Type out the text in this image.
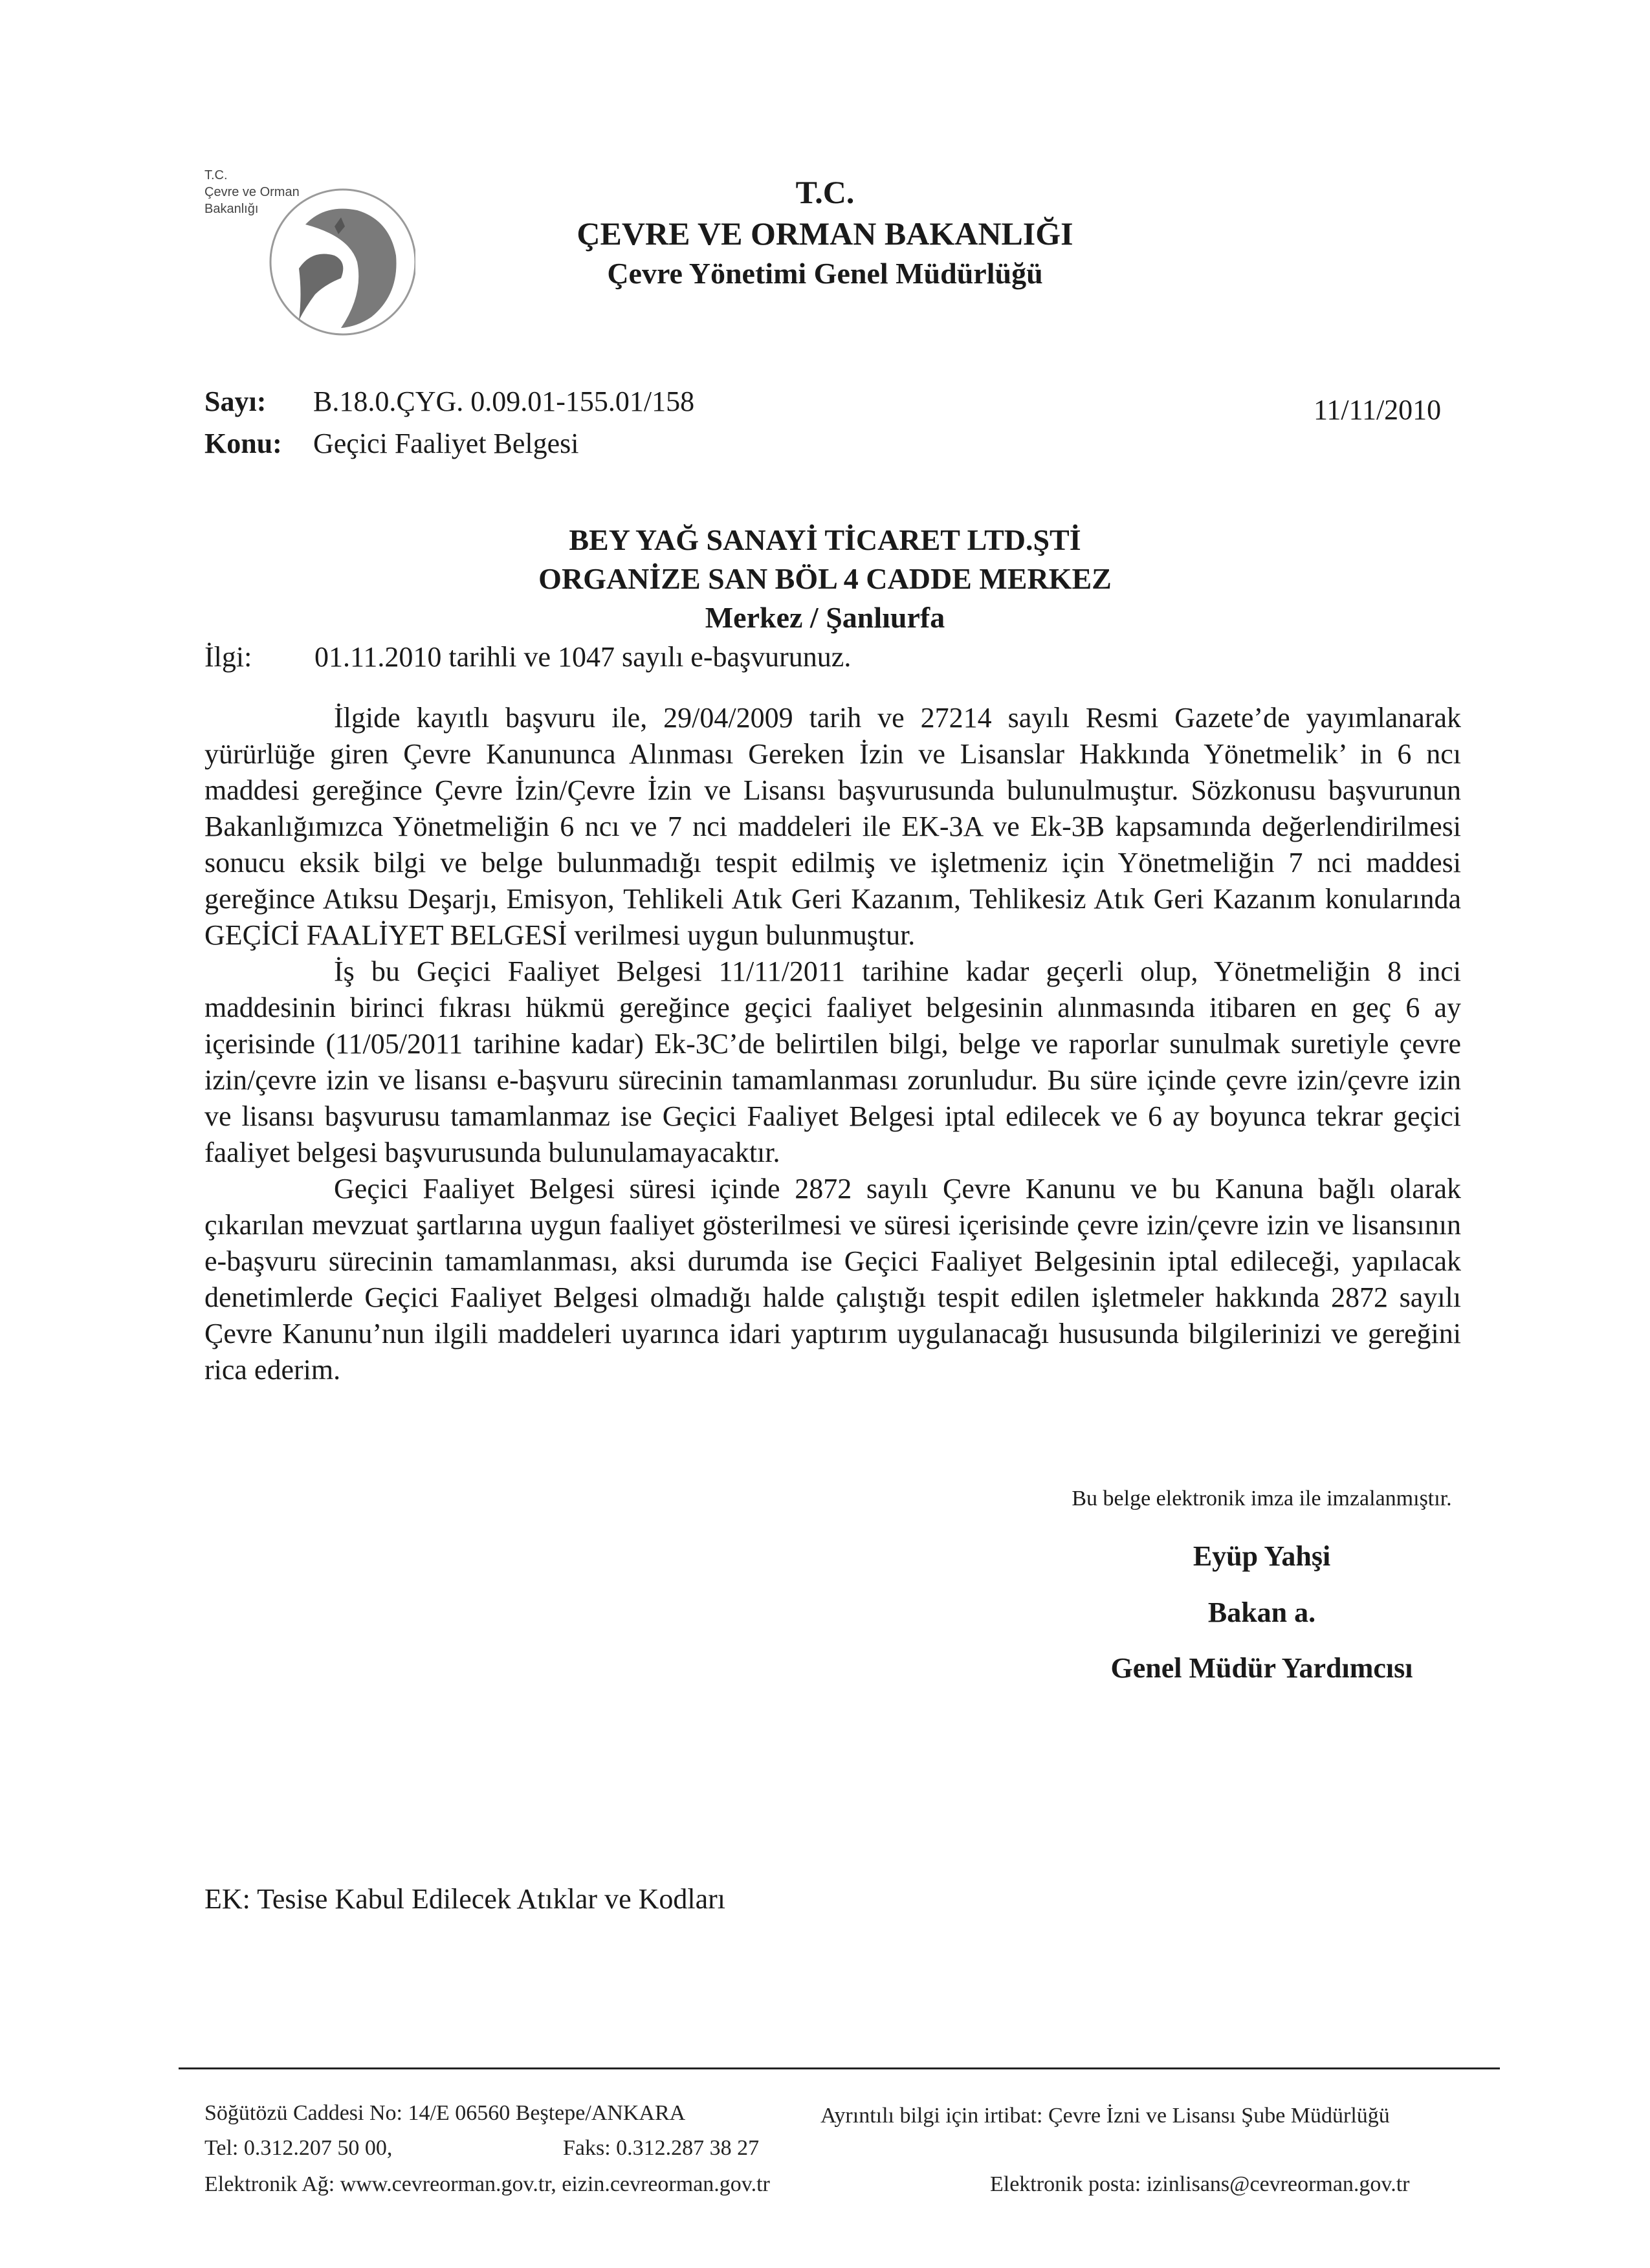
T.C.
Çevre ve Orman
Bakanlığı	T.C.
ÇEVRE VE ORMAN BAKANLIĞI
Çevre Yönetimi Genel Müdürlüğü
Sayı: B.18.0.ÇYG. 0.09.01-155.01/158
Konu: Geçici Faaliyet Belgesi
11/11/2010
BEY YAĞ SANAYİ TİCARET LTD.ŞTİ
ORGANİZE SAN BÖL 4 CADDE MERKEZ
Merkez / Şanlıurfa
İlgi: 01.11.2010 tarihli ve 1047 sayılı e-başvurunuz.

İlgide kayıtlı başvuru ile, 29/04/2009 tarih ve 27214 sayılı Resmi Gazete’de yayımlanarak yürürlüğe giren Çevre Kanununca Alınması Gereken İzin ve Lisanslar Hakkında Yönetmelik’ in 6 ncı maddesi gereğince Çevre İzin/Çevre İzin ve Lisansı başvurusunda bulunulmuştur. Sözkonusu başvurunun Bakanlığımızca Yönetmeliğin 6 ncı ve 7 nci maddeleri ile EK-3A ve Ek-3B kapsamında değerlendirilmesi sonucu eksik bilgi ve belge bulunmadığı tespit edilmiş ve işletmeniz için Yönetmeliğin 7 nci maddesi gereğince Atıksu Deşarjı, Emisyon, Tehlikeli Atık Geri Kazanım, Tehlikesiz Atık Geri Kazanım konularında GEÇİCİ FAALİYET BELGESİ verilmesi uygun bulunmuştur.

İş bu Geçici Faaliyet Belgesi 11/11/2011 tarihine kadar geçerli olup, Yönetmeliğin 8 inci maddesinin birinci fıkrası hükmü gereğince geçici faaliyet belgesinin alınmasında itibaren en geç 6 ay içerisinde (11/05/2011 tarihine kadar) Ek-3C’de belirtilen bilgi, belge ve raporlar sunulmak suretiyle çevre izin/çevre izin ve lisansı e-başvuru sürecinin tamamlanması zorunludur. Bu süre içinde çevre izin/çevre izin ve lisansı başvurusu tamamlanmaz ise Geçici Faaliyet Belgesi iptal edilecek ve 6 ay boyunca tekrar geçici faaliyet belgesi başvurusunda bulunulamayacaktır.

Geçici Faaliyet Belgesi süresi içinde 2872 sayılı Çevre Kanunu ve bu Kanuna bağlı olarak çıkarılan mevzuat şartlarına uygun faaliyet gösterilmesi ve süresi içerisinde çevre izin/çevre izin ve lisansının e-başvuru sürecinin tamamlanması, aksi durumda ise Geçici Faaliyet Belgesinin iptal edileceği, yapılacak denetimlerde Geçici Faaliyet Belgesi olmadığı halde çalıştığı tespit edilen işletmeler hakkında 2872 sayılı Çevre Kanunu’nun ilgili maddeleri uyarınca idari yaptırım uygulanacağı hususunda bilgilerinizi ve gereğini rica ederim.

Bu belge elektronik imza ile imzalanmıştır.
Eyüp Yahşi
Bakan a.
Genel Müdür Yardımcısı
EK: Tesise Kabul Edilecek Atıklar ve Kodları
Söğütözü Caddesi No: 14/E 06560 Beştepe/ANKARA
Tel: 0.312.207 50 00,	Faks: 0.312.287 38 27
Elektronik Ağ: www.cevreorman.gov.tr, eizin.cevreorman.gov.tr
Ayrıntılı bilgi için irtibat: Çevre İzni ve Lisansı Şube Müdürlüğü
Elektronik posta: izinlisans@cevreorman.gov.tr
